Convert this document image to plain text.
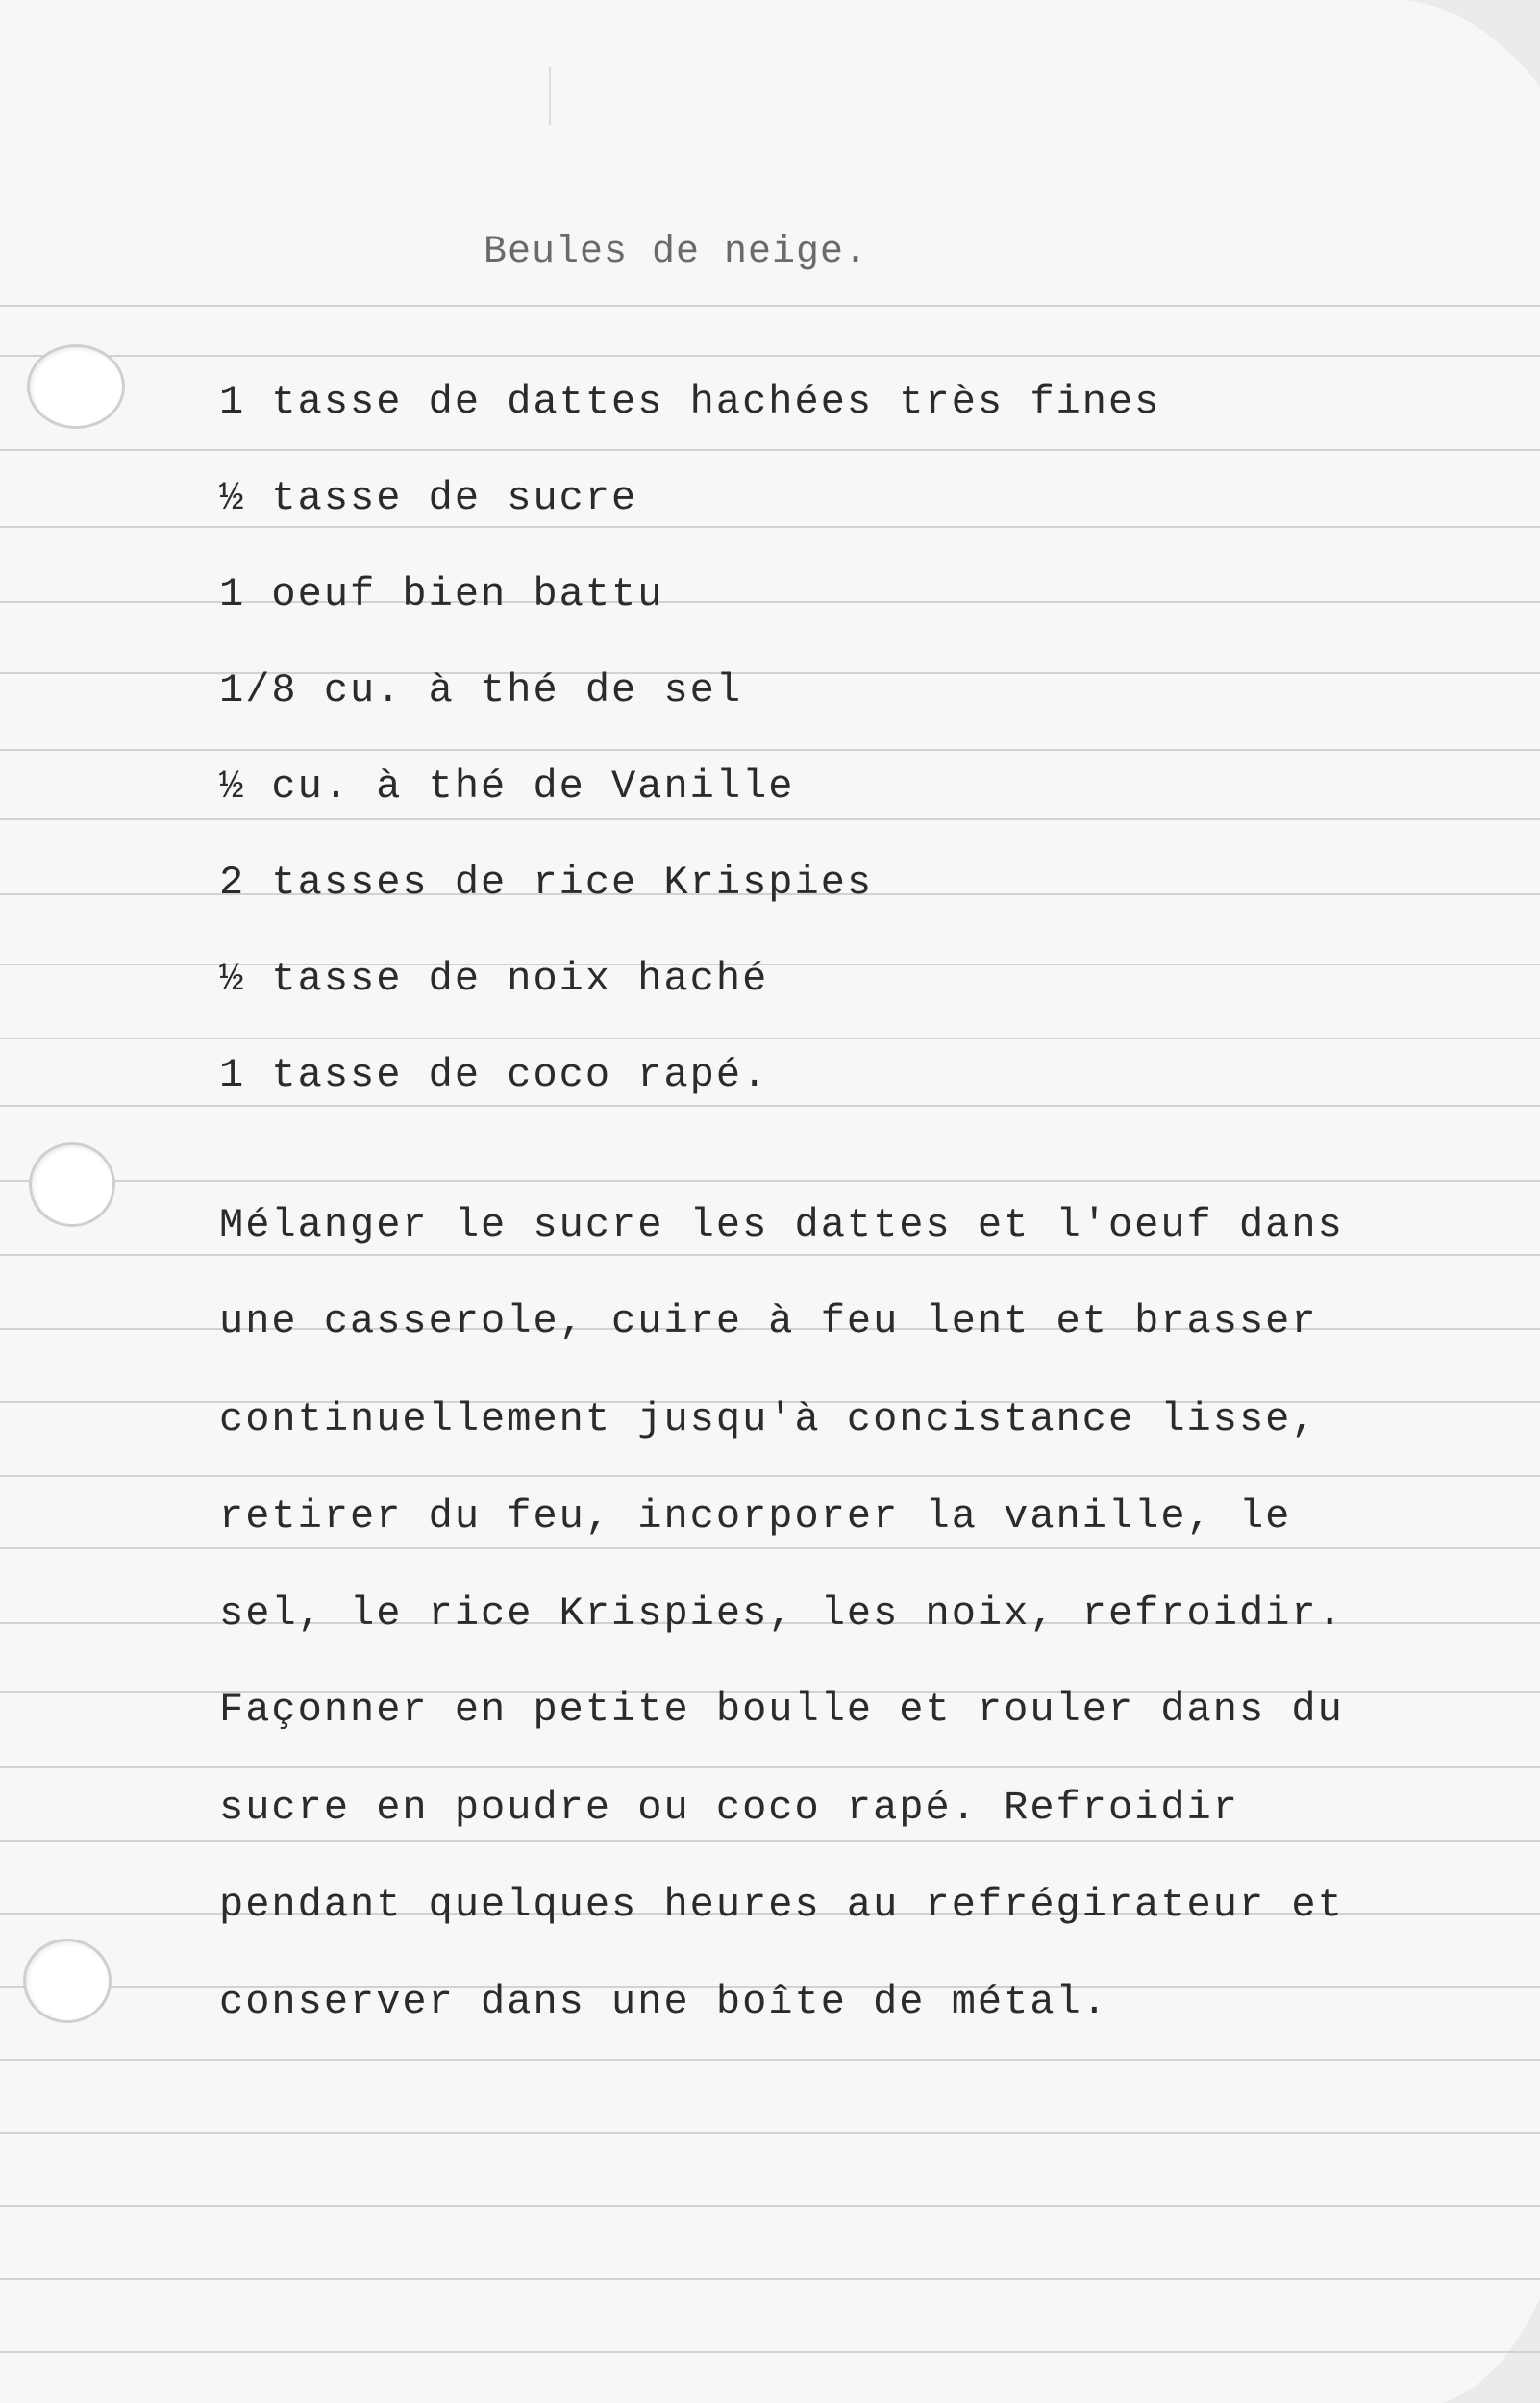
Beules de neige.
1 tasse de dattes hachées très fines
½ tasse de sucre
1 oeuf bien battu
1/8 cu. à thé de sel
½ cu. à thé de Vanille
2 tasses de rice Krispies
½ tasse de noix haché
1 tasse de coco rapé.
Mélanger le sucre les dattes et l'oeuf dans
une casserole, cuire à feu lent et brasser
continuellement jusqu'à concistance lisse,
retirer du feu, incorporer la vanille, le
sel, le rice Krispies, les noix, refroidir.
Façonner en petite boulle et rouler dans du
sucre en poudre ou coco rapé. Refroidir
pendant quelques heures au refrégirateur et
conserver dans une boîte de métal.
